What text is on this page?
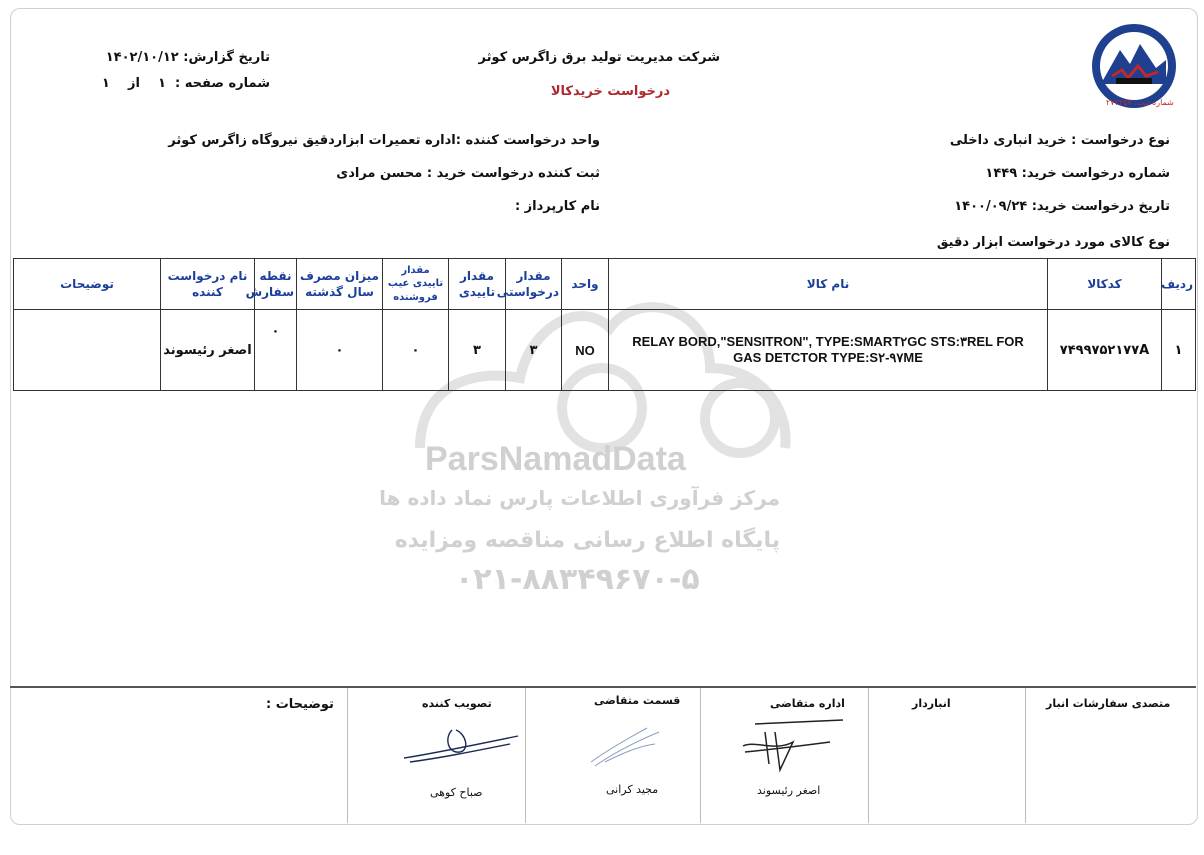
شماره ثبت: ۲۷۲۳۵۷
شرکت مدیریت تولید برق زاگرس کوثر
درخواست خریدکالا
تاریخ گزارش: ۱۴۰۲/۱۰/۱۲
شماره صفحه :  ۱    از    ۱
نوع درخواست : خرید انباری داخلی
شماره درخواست خرید: ۱۴۴۹
تاریخ درخواست خرید: ۱۴۰۰/۰۹/۲۴
نوع کالای مورد درخواست ابزار دقیق
واحد درخواست کننده :اداره تعمیرات ابزاردقیق نیروگاه زاگرس کوثر
ثبت کننده درخواست خرید : محسن مرادی
نام کارپرداز :
ParsNamadData
مرکز فرآوری اطلاعات پارس نماد داده ها
پایگاه اطلاع رسانی مناقصه ومزایده
۰۲۱-۸۸۳۴۹۶۷۰-۵
ردیف	کدکالا	نام کالا	واحد	مقدار درخواستی	مقدار تاییدی	مقدار تاییدی عیب فروشنده	میزان مصرف سال گذشته	نقطه سفارش	نام درخواست کننده	توضیحات
۱	۷۴۹۹۷۵۲۱۷۷A	RELAY BORD,"SENSITRON", TYPE:SMART۲GC STS:۳REL FOR GAS DETCTOR TYPE:S۲-۹۷ME	NO	۳	۳	۰	۰	۰	اصغر رئیسوند	
متصدی سفارشات انبار
انباردار
اداره متقاضی
اصغر رئیسوند
قسمت متقاضی
مجید کرانی
تصویب کننده
صباح کوهی
توضیحات :
